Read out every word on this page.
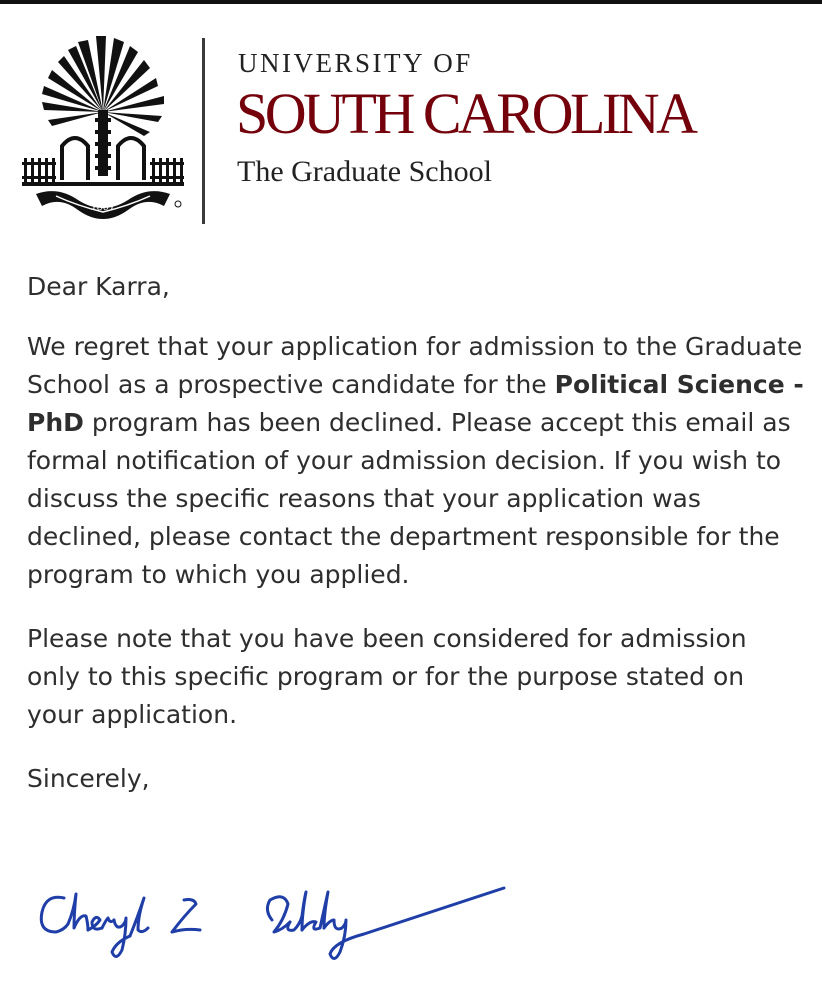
1801
UNIVERSITY OF
SOUTH CAROLINA
The Graduate School

Dear Karra,

We regret that your application for admission to the Graduate School as a prospective candidate for the Political Science - PhD program has been declined. Please accept this email as formal notification of your admission decision. If you wish to discuss the specific reasons that your application was declined, please contact the department responsible for the program to which you applied.

Please note that you have been considered for admission only to this specific program or for the purpose stated on your application.

Sincerely,
